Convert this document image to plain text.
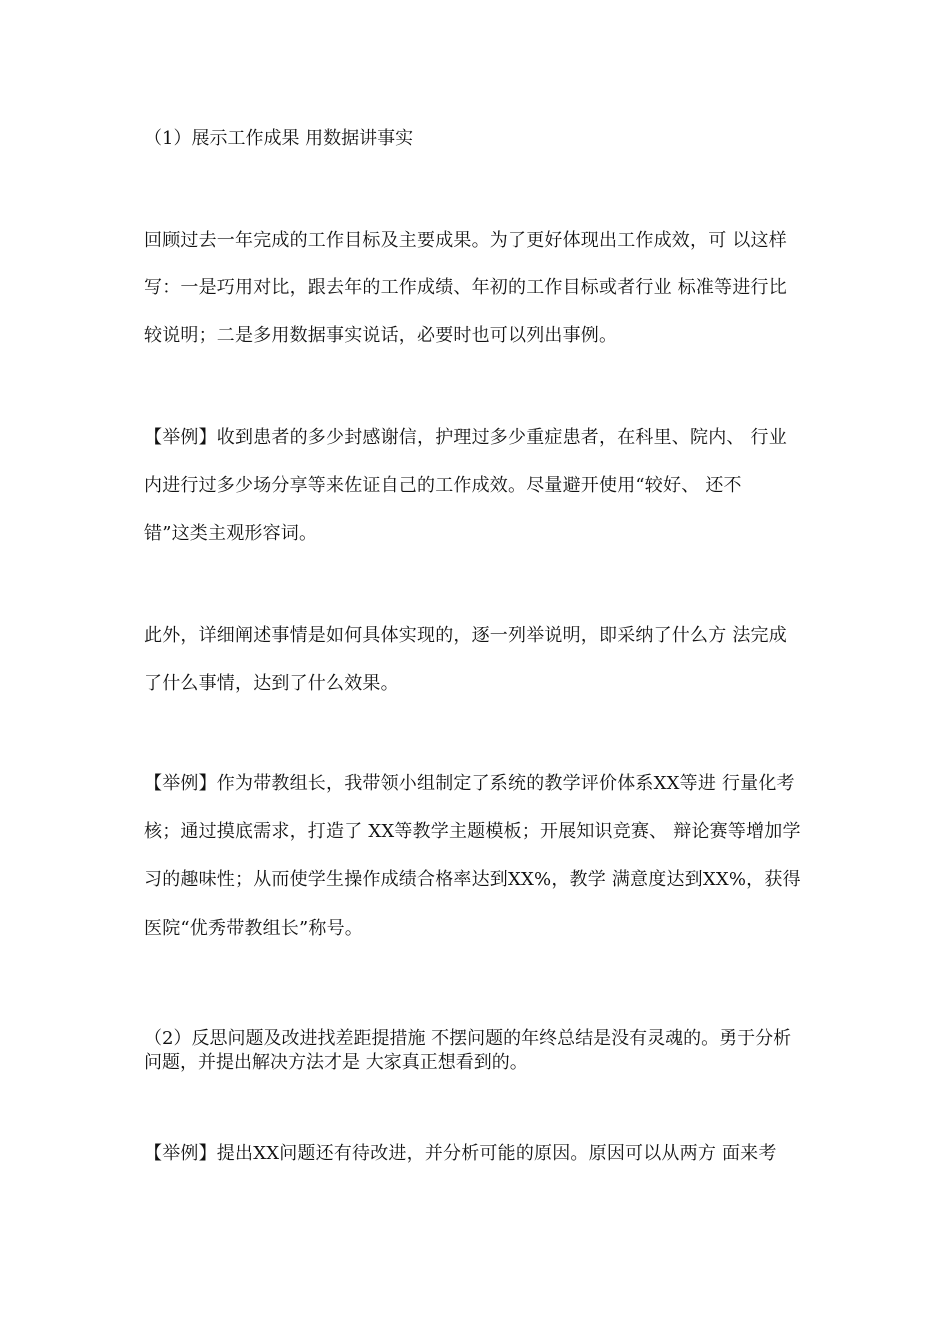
（1）展示工作成果 用数据讲事实
回顾过去一年完成的工作目标及主要成果。为了更好体现出工作成效，可 以这样
写：一是巧用对比，跟去年的工作成绩、年初的工作目标或者行业 标准等进行比
较说明；二是多用数据事实说话，必要时也可以列出事例。
【举例】收到患者的多少封感谢信，护理过多少重症患者，在科里、院内、 行业
内进行过多少场分享等来佐证自己的工作成效。尽量避开使用“较好、 还不
错”这类主观形容词。
此外，详细阐述事情是如何具体实现的，逐一列举说明，即采纳了什么方 法完成
了什么事情，达到了什么效果。
【举例】作为带教组长，我带领小组制定了系统的教学评价体系XX等进 行量化考
核；通过摸底需求，打造了 XX等教学主题模板；开展知识竞赛、 辩论赛等增加学
习的趣味性；从而使学生操作成绩合格率达到XX%，教学 满意度达到XX%，获得
医院“优秀带教组长”称号。
（2）反思问题及改进找差距提措施 不摆问题的年终总结是没有灵魂的。勇于分析
问题，并提出解决方法才是 大家真正想看到的。
【举例】提出XX问题还有待改进，并分析可能的原因。原因可以从两方 面来考
